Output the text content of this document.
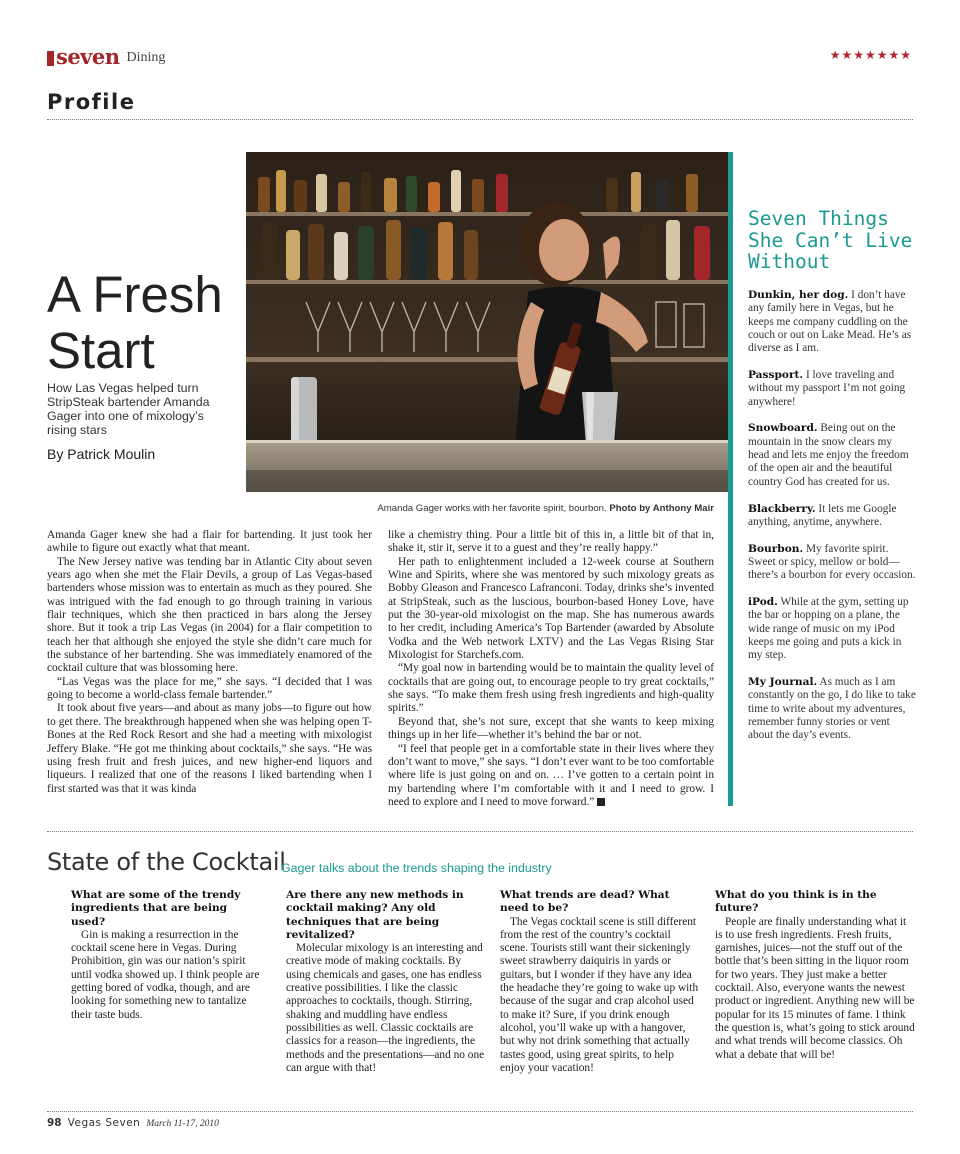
seven Dining	★★★★★★★
Profile
A Fresh
Start
How Las Vegas helped turn StripSteak bartender Amanda Gager into one of mixology’s rising stars
By Patrick Moulin
Amanda Gager works with her favorite spirit, bourbon. Photo by Anthony Mair
Seven Things She Can’t Live Without
Dunkin, her dog. I don’t have any family here in Vegas, but he keeps me company cuddling on the couch or out on Lake Mead. He’s as diverse as I am.
Passport. I love traveling and without my passport I’m not going anywhere!
Snowboard. Being out on the mountain in the snow clears my head and lets me enjoy the freedom of the open air and the beautiful country God has created for us.
Blackberry. It lets me Google anything, anytime, anywhere.
Bourbon. My favorite spirit. Sweet or spicy, mellow or bold—there’s a bourbon for every occasion.
iPod. While at the gym, setting up the bar or hopping on a plane, the wide range of music on my iPod keeps me going and puts a kick in my step.
My Journal. As much as I am constantly on the go, I do like to take time to write about my adventures, remember funny stories or vent about the day’s events.

Amanda Gager knew she had a flair for bartending. It just took her awhile to figure out exactly what that meant.

The New Jersey native was tending bar in Atlantic City about seven years ago when she met the Flair Devils, a group of Las Vegas-based bartenders whose mission was to entertain as much as they poured. She was intrigued with the fad enough to go through training in various flair techniques, which she then practiced in bars along the Jersey shore. But it took a trip Las Vegas (in 2004) for a flair competition to teach her that although she enjoyed the style she didn’t care much for the substance of her bartending. She was immediately enamored of the cocktail culture that was blossoming here.

“Las Vegas was the place for me,” she says. “I decided that I was going to become a world-class female bartender.”

It took about five years—and about as many jobs—to figure out how to get there. The breakthrough happened when she was helping open T-Bones at the Red Rock Resort and she had a meeting with mixologist Jeffery Blake. “He got me thinking about cocktails,” she says. “He was using fresh fruit and fresh juices, and new higher-end liquors and liqueurs. I realized that one of the reasons I liked bartending when I first started was that it was kinda

like a chemistry thing. Pour a little bit of this in, a little bit of that in, shake it, stir it, serve it to a guest and they’re really happy.”

Her path to enlightenment included a 12-week course at Southern Wine and Spirits, where she was mentored by such mixology greats as Bobby Gleason and Francesco Lafranconi. Today, drinks she’s invented at StripSteak, such as the luscious, bourbon-based Honey Love, have put the 30-year-old mixologist on the map. She has numerous awards to her credit, including America’s Top Bartender (awarded by Absolute Vodka and the Web network LXTV) and the Las Vegas Rising Star Mixologist for Starchefs.com.

“My goal now in bartending would be to maintain the quality level of cocktails that are going out, to encourage people to try great cocktails,” she says. “To make them fresh using fresh ingredients and high-quality spirits.”

Beyond that, she’s not sure, except that she wants to keep mixing things up in her life—whether it’s behind the bar or not.

“I feel that people get in a comfortable state in their lives where they don’t want to move,” she says. “I don’t ever want to be too comfortable where life is just going on and on. … I’ve gotten to a certain point in my bartending where I’m comfortable with it and I need to grow. I need to explore and I need to move forward.”

State of the Cocktail
Gager talks about the trends shaping the industry
What are some of the trendy ingredients that are being used?
Gin is making a resurrection in the cocktail scene here in Vegas. During Prohibition, gin was our nation’s spirit until vodka showed up. I think people are getting bored of vodka, though, and are looking for something new to tantalize their taste buds.
Are there any new methods in cocktail making? Any old techniques that are being revitalized?
Molecular mixology is an interesting and creative mode of making cocktails. By using chemicals and gases, one has endless creative possibilities. I like the classic approaches to cocktails, though. Stirring, shaking and muddling have endless possibilities as well. Classic cocktails are classics for a reason—the ingredients, the methods and the presentations—and no one can argue with that!
What trends are dead? What need to be?
The Vegas cocktail scene is still different from the rest of the country’s cocktail scene. Tourists still want their sickeningly sweet strawberry daiquiris in yards or guitars, but I wonder if they have any idea the headache they’re going to wake up with because of the sugar and crap alcohol used to make it? Sure, if you drink enough alcohol, you’ll wake up with a hangover, but why not drink something that actually tastes good, using great spirits, to help enjoy your vacation!
What do you think is in the future?
People are finally understanding what it is to use fresh ingredients. Fresh fruits, garnishes, juices—not the stuff out of the bottle that’s been sitting in the liquor room for two years. They just make a better cocktail. Also, everyone wants the newest product or ingredient. Anything new will be popular for its 15 minutes of fame. I think the question is, what’s going to stick around and what trends will become classics. Oh what a debate that will be!
98 Vegas Seven March 11-17, 2010
